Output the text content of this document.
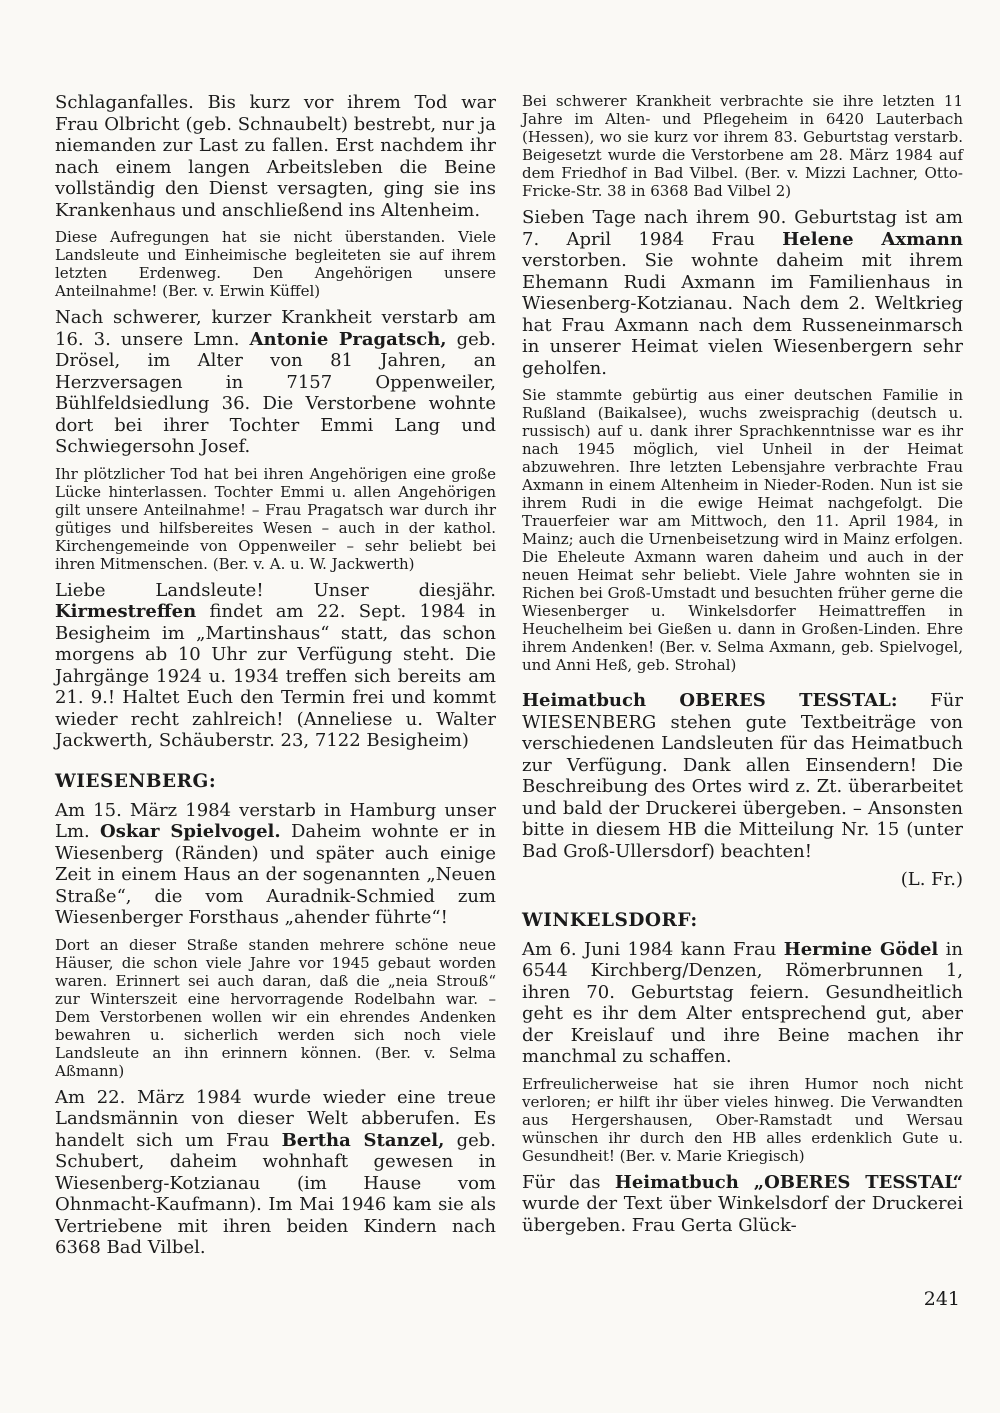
Schlaganfalles. Bis kurz vor ihrem Tod war Frau Olbricht (geb. Schnaubelt) bestrebt, nur ja niemanden zur Last zu fallen. Erst nachdem ihr nach einem langen Arbeitsleben die Beine vollständig den Dienst versagten, ging sie ins Krankenhaus und anschließend ins Altenheim.

Diese Aufregungen hat sie nicht überstanden. Viele Landsleute und Einheimische begleiteten sie auf ihrem letzten Erdenweg. Den Angehörigen unsere Anteilnahme! (Ber. v. Erwin Küffel)

Nach schwerer, kurzer Krankheit verstarb am 16. 3. unsere Lmn. Antonie Pragatsch, geb. Drösel, im Alter von 81 Jahren, an Herzversagen in 7157 Oppenweiler, Bühlfeldsiedlung 36. Die Verstorbene wohnte dort bei ihrer Tochter Emmi Lang und Schwiegersohn Josef.

Ihr plötzlicher Tod hat bei ihren Angehörigen eine große Lücke hinterlassen. Tochter Emmi u. allen Angehörigen gilt unsere Anteilnahme! – Frau Pragatsch war durch ihr gütiges und hilfsbereites Wesen – auch in der kathol. Kirchengemeinde von Oppenweiler – sehr beliebt bei ihren Mitmenschen. (Ber. v. A. u. W. Jackwerth)

Liebe Landsleute! Unser diesjähr. Kirmestreffen findet am 22. Sept. 1984 in Besigheim im „Martinshaus“ statt, das schon morgens ab 10 Uhr zur Verfügung steht. Die Jahrgänge 1924 u. 1934 treffen sich bereits am 21. 9.! Haltet Euch den Termin frei und kommt wieder recht zahlreich! (Anneliese u. Walter Jackwerth, Schäuberstr. 23, 7122 Besigheim)

WIESENBERG:

Am 15. März 1984 verstarb in Hamburg unser Lm. Oskar Spielvogel. Daheim wohnte er in Wiesenberg (Ränden) und später auch einige Zeit in einem Haus an der sogenannten „Neuen Straße“, die vom Auradnik-Schmied zum Wiesenberger Forsthaus „ahender führte“!

Dort an dieser Straße standen mehrere schöne neue Häuser, die schon viele Jahre vor 1945 gebaut worden waren. Erinnert sei auch daran, daß die „neia Strouß“ zur Winterszeit eine hervorragende Rodelbahn war. – Dem Verstorbenen wollen wir ein ehrendes Andenken bewahren u. sicherlich werden sich noch viele Landsleute an ihn erinnern können. (Ber. v. Selma Aßmann)

Am 22. März 1984 wurde wieder eine treue Landsmännin von dieser Welt abberufen. Es handelt sich um Frau Bertha Stanzel, geb. Schubert, daheim wohnhaft gewesen in Wiesenberg-Kotzianau (im Hause vom Ohnmacht-Kaufmann). Im Mai 1946 kam sie als Vertriebene mit ihren beiden Kindern nach 6368 Bad Vilbel.

Bei schwerer Krankheit verbrachte sie ihre letzten 11 Jahre im Alten- und Pflegeheim in 6420 Lauterbach (Hessen), wo sie kurz vor ihrem 83. Geburtstag verstarb. Beigesetzt wurde die Verstorbene am 28. März 1984 auf dem Friedhof in Bad Vilbel. (Ber. v. Mizzi Lachner, Otto-Fricke-Str. 38 in 6368 Bad Vilbel 2)

Sieben Tage nach ihrem 90. Geburtstag ist am 7. April 1984 Frau Helene Axmann verstorben. Sie wohnte daheim mit ihrem Ehemann Rudi Axmann im Familienhaus in Wiesenberg-Kotzianau. Nach dem 2. Weltkrieg hat Frau Axmann nach dem Russeneinmarsch in unserer Heimat vielen Wiesenbergern sehr geholfen.

Sie stammte gebürtig aus einer deutschen Familie in Rußland (Baikalsee), wuchs zweisprachig (deutsch u. russisch) auf u. dank ihrer Sprachkenntnisse war es ihr nach 1945 möglich, viel Unheil in der Heimat abzuwehren. Ihre letzten Lebensjahre verbrachte Frau Axmann in einem Altenheim in Nieder-Roden. Nun ist sie ihrem Rudi in die ewige Heimat nachgefolgt. Die Trauerfeier war am Mittwoch, den 11. April 1984, in Mainz; auch die Urnenbeisetzung wird in Mainz erfolgen. Die Eheleute Axmann waren daheim und auch in der neuen Heimat sehr beliebt. Viele Jahre wohnten sie in Richen bei Groß-Umstadt und besuchten früher gerne die Wiesenberger u. Winkelsdorfer Heimattreffen in Heuchelheim bei Gießen u. dann in Großen-Linden. Ehre ihrem Andenken! (Ber. v. Selma Axmann, geb. Spielvogel, und Anni Heß, geb. Strohal)

Heimatbuch OBERES TESSTAL: Für WIESENBERG stehen gute Textbeiträge von verschiedenen Landsleuten für das Heimatbuch zur Verfügung. Dank allen Einsendern! Die Beschreibung des Ortes wird z. Zt. überarbeitet und bald der Druckerei übergeben. – Ansonsten bitte in diesem HB die Mitteilung Nr. 15 (unter Bad Groß-Ullersdorf) beachten!

(L. Fr.)

WINKELSDORF:

Am 6. Juni 1984 kann Frau Hermine Gödel in 6544 Kirchberg/Denzen, Römerbrunnen 1, ihren 70. Geburtstag feiern. Gesundheitlich geht es ihr dem Alter entsprechend gut, aber der Kreislauf und ihre Beine machen ihr manchmal zu schaffen.

Erfreulicherweise hat sie ihren Humor noch nicht verloren; er hilft ihr über vieles hinweg. Die Verwandten aus Hergershausen, Ober-Ramstadt und Wersau wünschen ihr durch den HB alles erdenklich Gute u. Gesundheit! (Ber. v. Marie Kriegisch)

Für das Heimatbuch „OBERES TESSTAL“ wurde der Text über Winkelsdorf der Druckerei übergeben. Frau Gerta Glück-

241
